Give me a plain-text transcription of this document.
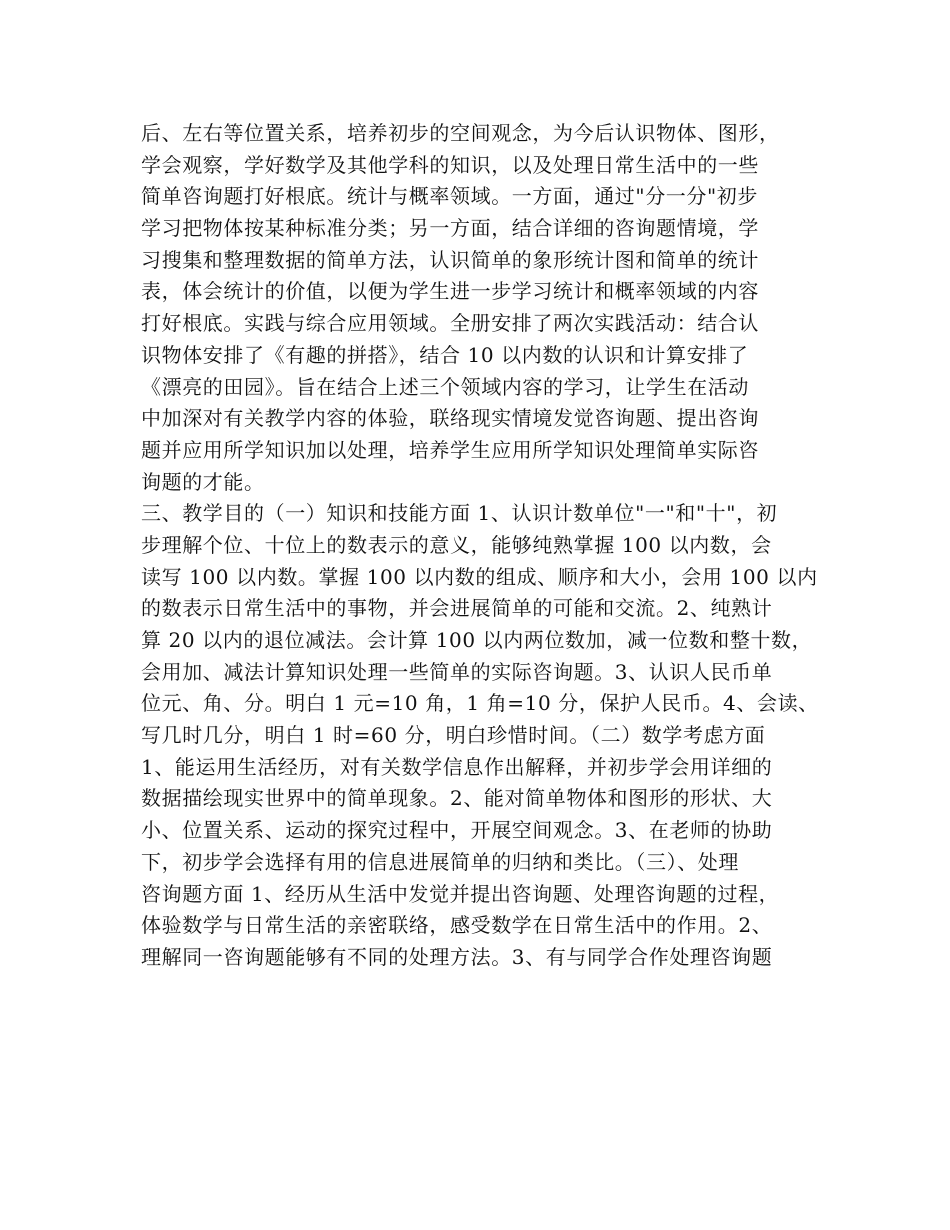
后、左右等位置关系，培养初步的空间观念，为今后认识物体、图形，
学会观察，学好数学及其他学科的知识，以及处理日常生活中的一些
简单咨询题打好根底。统计与概率领域。一方面，通过"分一分"初步
学习把物体按某种标准分类；另一方面，结合详细的咨询题情境，学
习搜集和整理数据的简单方法，认识简单的象形统计图和简单的统计
表，体会统计的价值，以便为学生进一步学习统计和概率领域的内容
打好根底。实践与综合应用领域。全册安排了两次实践活动：结合认
识物体安排了《有趣的拼搭》，结合 10 以内数的认识和计算安排了
《漂亮的田园》。旨在结合上述三个领域内容的学习，让学生在活动
中加深对有关教学内容的体验，联络现实情境发觉咨询题、提出咨询
题并应用所学知识加以处理，培养学生应用所学知识处理简单实际咨
询题的才能。
三、教学目的（一）知识和技能方面 1、认识计数单位"一"和"十"，初
步理解个位、十位上的数表示的意义，能够纯熟掌握 100 以内数，会
读写 100 以内数。掌握 100 以内数的组成、顺序和大小，会用 100 以内
的数表示日常生活中的事物，并会进展简单的可能和交流。2、纯熟计
算 20 以内的退位减法。会计算 100 以内两位数加，减一位数和整十数，
会用加、减法计算知识处理一些简单的实际咨询题。3、认识人民币单
位元、角、分。明白 1 元=10 角，1 角=10 分，保护人民币。4、会读、
写几时几分，明白 1 时=60 分，明白珍惜时间。（二）数学考虑方面
1、能运用生活经历，对有关数学信息作出解释，并初步学会用详细的
数据描绘现实世界中的简单现象。2、能对简单物体和图形的形状、大
小、位置关系、运动的探究过程中，开展空间观念。3、在老师的协助
下，初步学会选择有用的信息进展简单的归纳和类比。（三）、处理
咨询题方面 1、经历从生活中发觉并提出咨询题、处理咨询题的过程，
体验数学与日常生活的亲密联络，感受数学在日常生活中的作用。2、
理解同一咨询题能够有不同的处理方法。3、有与同学合作处理咨询题
